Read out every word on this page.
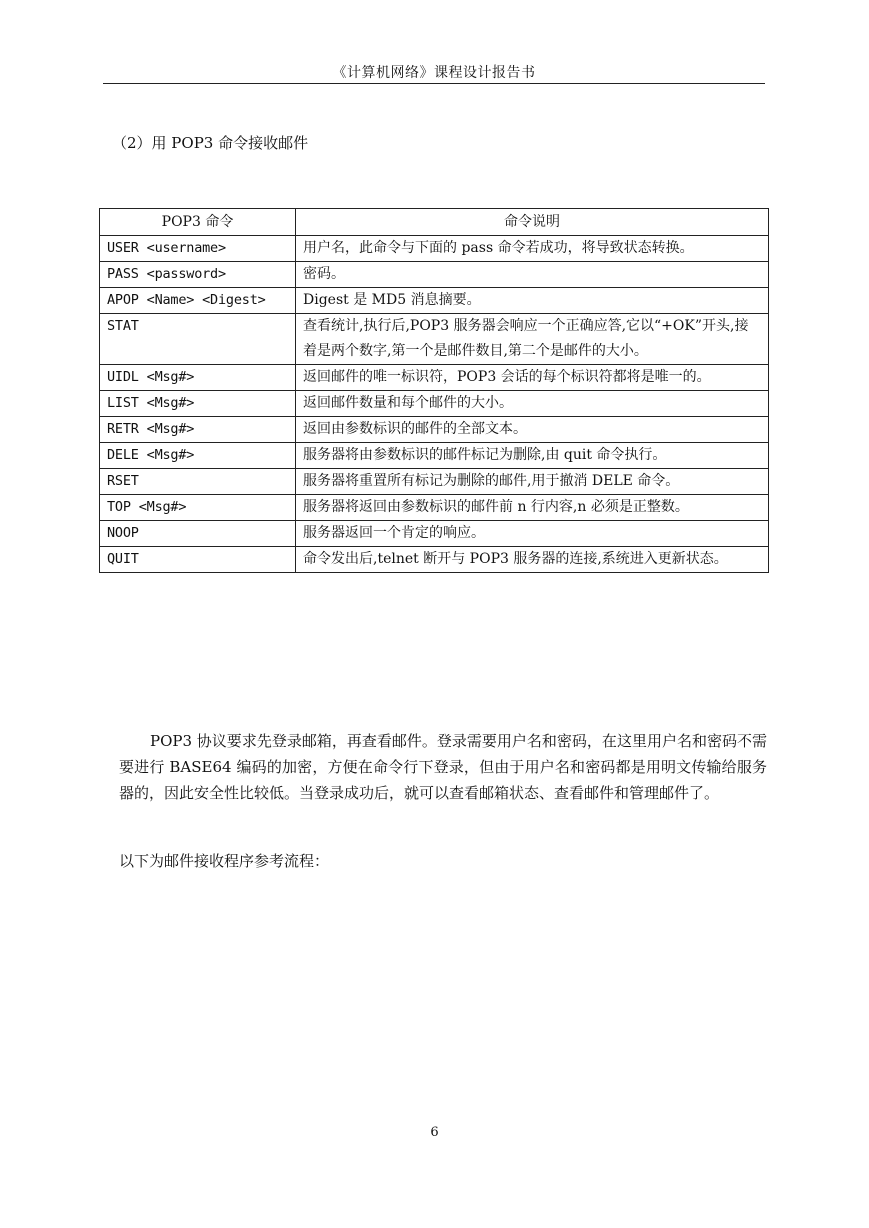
《计算机网络》课程设计报告书
（2）用 POP3 命令接收邮件
POP3 命令	命令说明
USER <username>	用户名，此命令与下面的 pass 命令若成功，将导致状态转换。
PASS <password>	密码。
APOP <Name> <Digest>	Digest 是 MD5 消息摘要。
STAT	查看统计,执行后,POP3 服务器会响应一个正确应答,它以“+OK”开头,接着是两个数字,第一个是邮件数目,第二个是邮件的大小。
UIDL <Msg#>	返回邮件的唯一标识符，POP3 会话的每个标识符都将是唯一的。
LIST <Msg#>	返回邮件数量和每个邮件的大小。
RETR <Msg#>	返回由参数标识的邮件的全部文本。
DELE <Msg#>	服务器将由参数标识的邮件标记为删除,由 quit 命令执行。
RSET	服务器将重置所有标记为删除的邮件,用于撤消 DELE 命令。
TOP <Msg#>	服务器将返回由参数标识的邮件前 n 行内容,n 必须是正整数。
NOOP	服务器返回一个肯定的响应。
QUIT	命令发出后,telnet 断开与 POP3 服务器的连接,系统进入更新状态。

POP3 协议要求先登录邮箱，再查看邮件。登录需要用户名和密码，在这里用户名和密码不需要进行 BASE64 编码的加密，方便在命令行下登录，但由于用户名和密码都是用明文传输给服务器的，因此安全性比较低。当登录成功后，就可以查看邮箱状态、查看邮件和管理邮件了。

以下为邮件接收程序参考流程：

6
